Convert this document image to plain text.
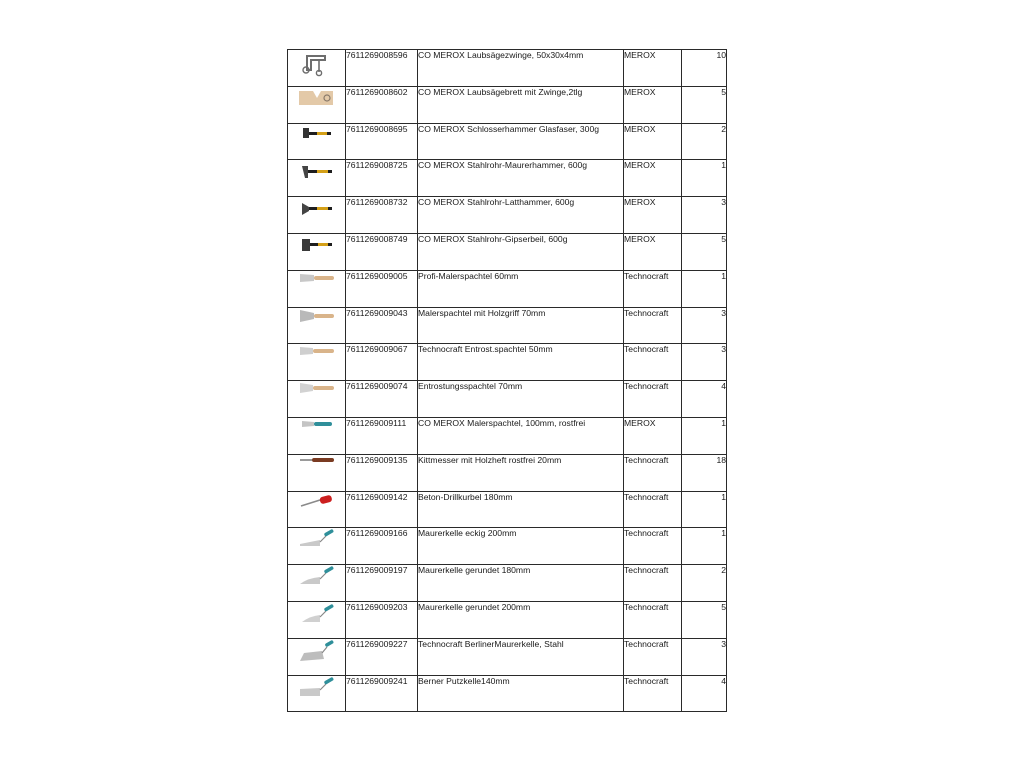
	7611269008596	CO MEROX Laubsägezwinge, 50x30x4mm	MEROX	10

	7611269008602	CO MEROX Laubsägebrett mit Zwinge,2tlg	MEROX	5

	7611269008695	CO MEROX Schlosserhammer Glasfaser, 300g	MEROX	2

	7611269008725	CO MEROX Stahlrohr-Maurerhammer, 600g	MEROX	1

	7611269008732	CO MEROX Stahlrohr-Latthammer, 600g	MEROX	3

	7611269008749	CO MEROX Stahlrohr-Gipserbeil, 600g	MEROX	5

	7611269009005	Profi-Malerspachtel 60mm	Technocraft	1

	7611269009043	Malerspachtel mit Holzgriff 70mm	Technocraft	3

	7611269009067	Technocraft Entrost.spachtel 50mm	Technocraft	3

	7611269009074	Entrostungsspachtel 70mm	Technocraft	4

	7611269009111	CO MEROX Malerspachtel, 100mm, rostfrei	MEROX	1

	7611269009135	Kittmesser mit Holzheft rostfrei 20mm	Technocraft	18

	7611269009142	Beton-Drillkurbel 180mm	Technocraft	1

	7611269009166	Maurerkelle eckig 200mm	Technocraft	1

	7611269009197	Maurerkelle gerundet 180mm	Technocraft	2

	7611269009203	Maurerkelle gerundet 200mm	Technocraft	5

	7611269009227	Technocraft BerlinerMaurerkelle, Stahl	Technocraft	3

	7611269009241	Berner Putzkelle140mm	Technocraft	4
